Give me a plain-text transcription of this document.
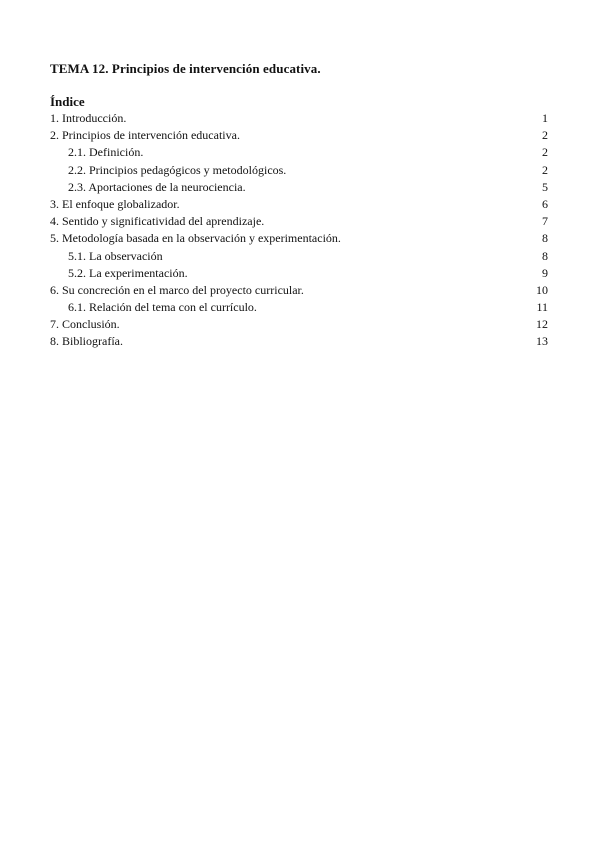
TEMA 12. Principios de intervención educativa.

Índice

1. Introducción.	1
2. Principios de intervención educativa.	2
2.1. Definición.	2
2.2. Principios pedagógicos y metodológicos.	2
2.3. Aportaciones de la neurociencia.	5
3. El enfoque globalizador.	6
4. Sentido y significatividad del aprendizaje.	7
5. Metodología basada en la observación y experimentación.	8
5.1. La observación	8
5.2. La experimentación.	9
6. Su concreción en el marco del proyecto curricular.	10
6.1. Relación del tema con el currículo.	11
7. Conclusión.	12
8. Bibliografía.	13
